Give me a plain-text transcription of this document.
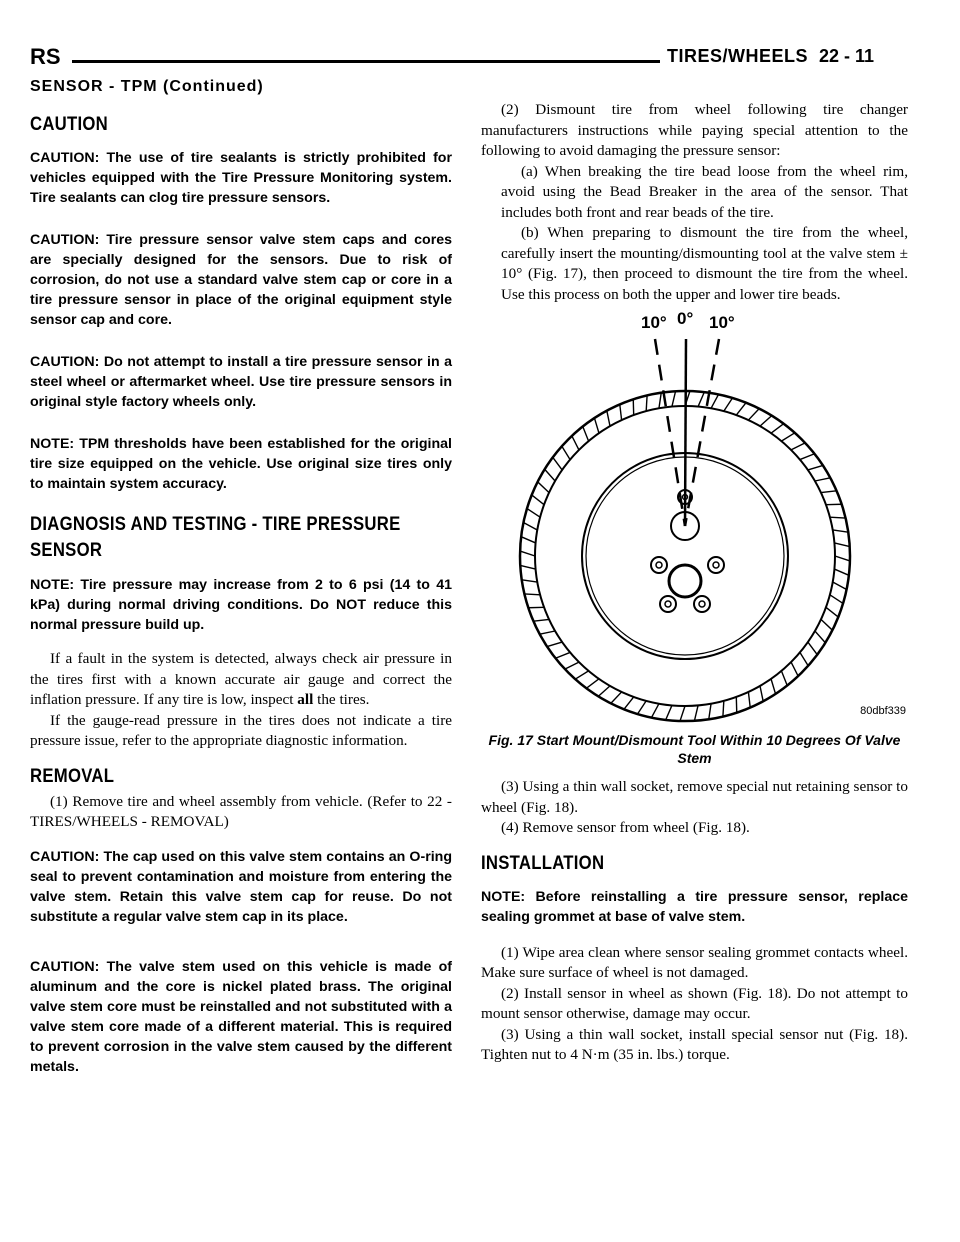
RS	TIRES/WHEELS 22 - 11
SENSOR - TPM (Continued)
CAUTION

CAUTION: The use of tire sealants is strictly prohibited for vehicles equipped with the Tire Pressure Monitoring system. Tire sealants can clog tire pressure sensors.

CAUTION: Tire pressure sensor valve stem caps and cores are specially designed for the sensors. Due to risk of corrosion, do not use a standard valve stem cap or core in a tire pressure sensor in place of the original equipment style sensor cap and core.

CAUTION: Do not attempt to install a tire pressure sensor in a steel wheel or aftermarket wheel. Use tire pressure sensors in original style factory wheels only.

NOTE: TPM thresholds have been established for the original tire size equipped on the vehicle. Use original size tires only to maintain system accuracy.

DIAGNOSIS AND TESTING - TIRE PRESSURE SENSOR

NOTE: Tire pressure may increase from 2 to 6 psi (14 to 41 kPa) during normal driving conditions. Do NOT reduce this normal pressure build up.

If a fault in the system is detected, always check air pressure in the tires first with a known accurate air gauge and correct the inflation pressure. If any tire is low, inspect all the tires.

If the gauge-read pressure in the tires does not indicate a tire pressure issue, refer to the appropriate diagnostic information.

REMOVAL

(1) Remove tire and wheel assembly from vehicle. (Refer to 22 - TIRES/WHEELS - REMOVAL)

CAUTION: The cap used on this valve stem contains an O-ring seal to prevent contamination and moisture from entering the valve stem. Retain this valve stem cap for reuse. Do not substitute a regular valve stem cap in its place.

CAUTION: The valve stem used on this vehicle is made of aluminum and the core is nickel plated brass. The original valve stem core must be reinstalled and not substituted with a valve stem core made of a different material. This is required to prevent corrosion in the valve stem caused by the different metals.

(2) Dismount tire from wheel following tire changer manufacturers instructions while paying special attention to the following to avoid damaging the pressure sensor:

(a) When breaking the tire bead loose from the wheel rim, avoid using the Bead Breaker in the area of the sensor. That includes both front and rear beads of the tire.

(b) When preparing to dismount the tire from the wheel, carefully insert the mounting/dismounting tool at the valve stem ± 10° (Fig. 17), then proceed to dismount the tire from the wheel. Use this process on both the upper and lower tire beads.

10° 0° 10°
80dbf339
Fig. 17 Start Mount/Dismount Tool Within 10 Degrees Of Valve Stem

(3) Using a thin wall socket, remove special nut retaining sensor to wheel (Fig. 18).

(4) Remove sensor from wheel (Fig. 18).

INSTALLATION

NOTE: Before reinstalling a tire pressure sensor, replace sealing grommet at base of valve stem.

(1) Wipe area clean where sensor sealing grommet contacts wheel. Make sure surface of wheel is not damaged.

(2) Install sensor in wheel as shown (Fig. 18). Do not attempt to mount sensor otherwise, damage may occur.

(3) Using a thin wall socket, install special sensor nut (Fig. 18). Tighten nut to 4 N·m (35 in. lbs.) torque.
